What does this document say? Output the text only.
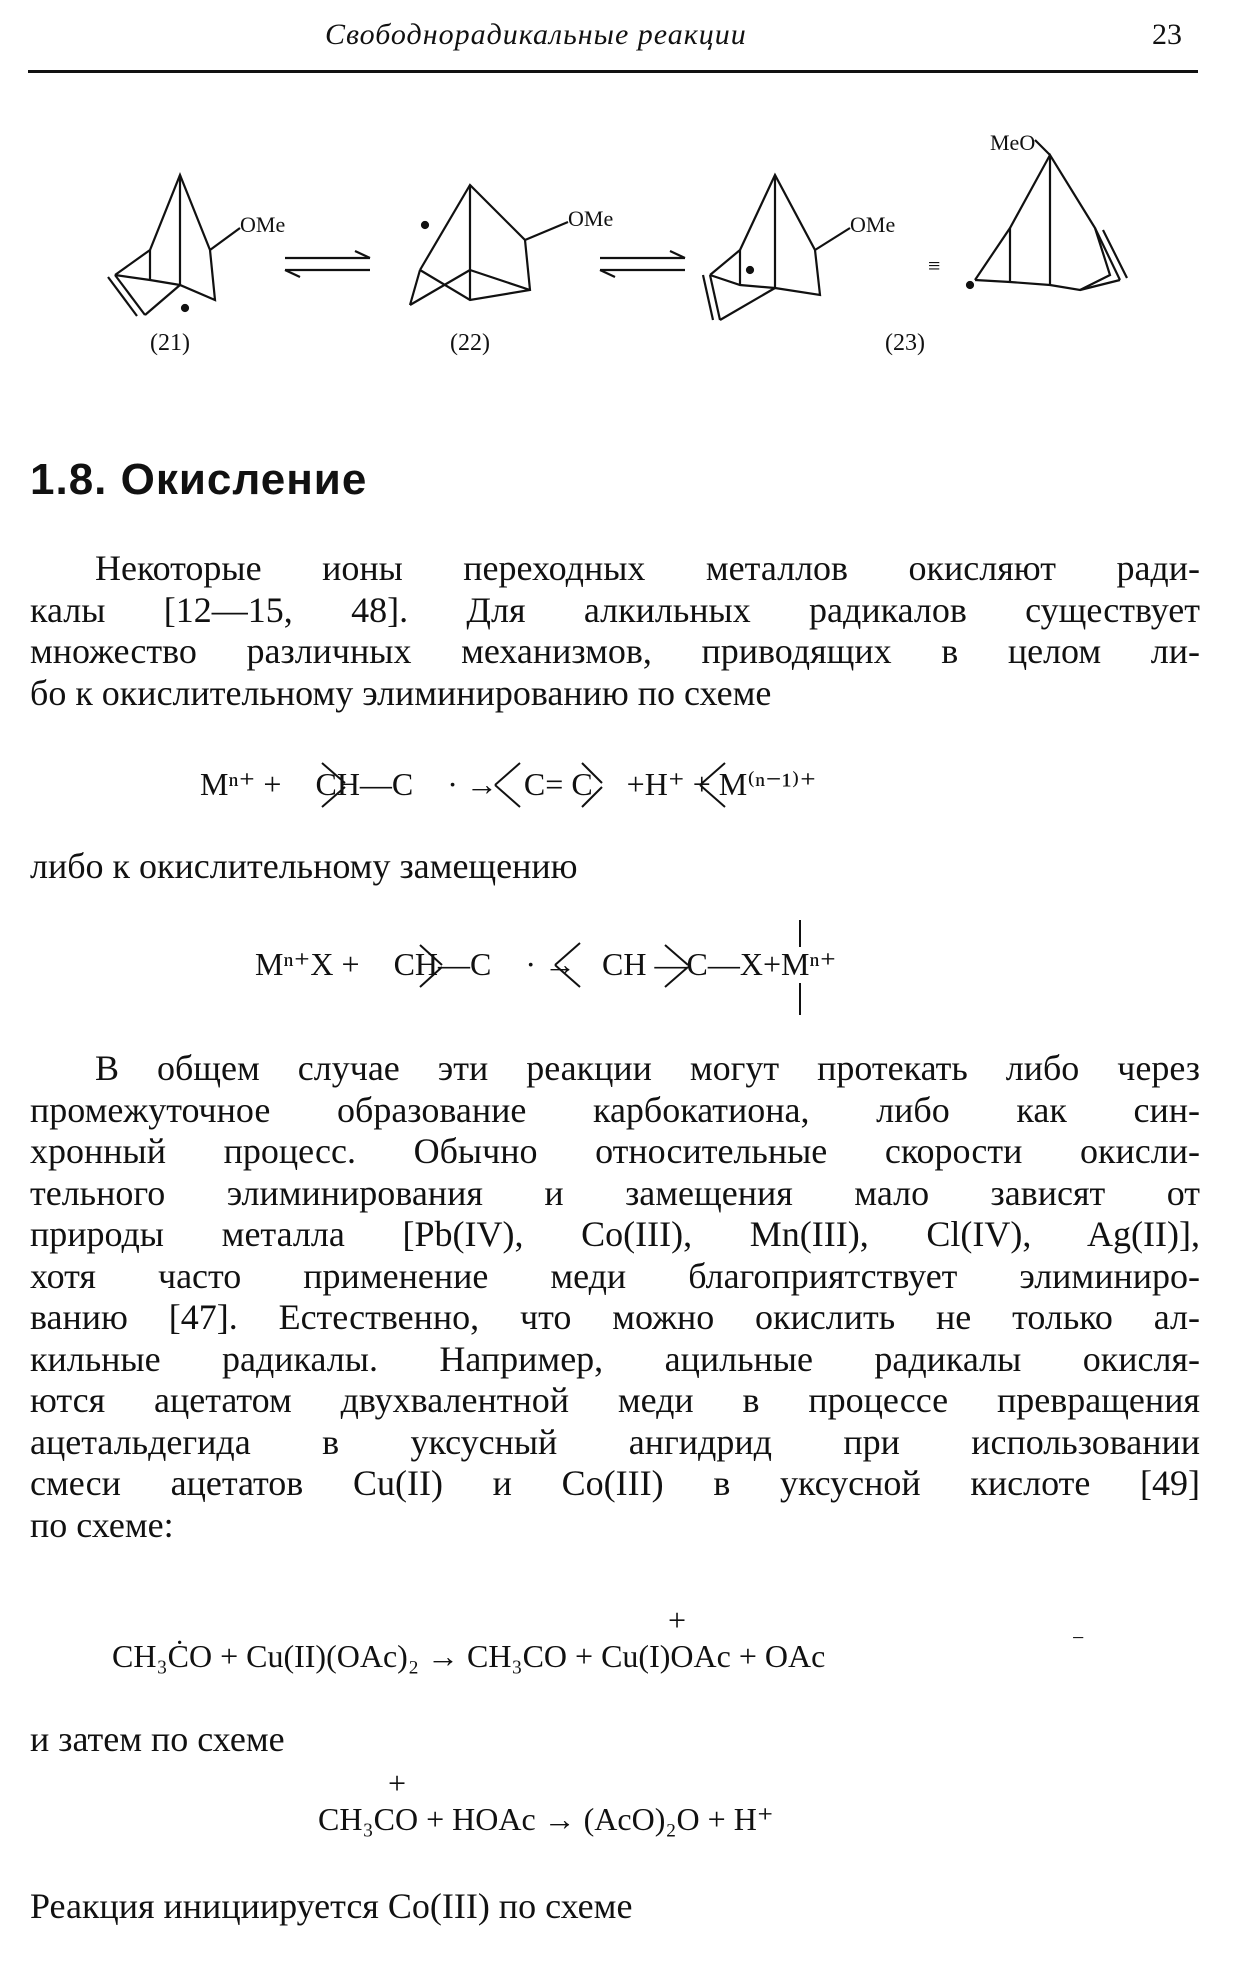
Свободнорадикальные реакции	23
OMe	OMe	OMe
≡
MeO
(21)	(22)	(23)
1.8. Окисление
Некоторые ионы переходных металлов окисляют ради-
калы [12—15, 48]. Для алкильных радикалов существует
множество различных механизмов, приводящих в целом ли-
бо к окислительному элиминированию по схеме
Mⁿ⁺ + CH—C · → C= C +H⁺ + M⁽ⁿ⁻¹⁾⁺
либо к окислительному замещению
Mⁿ⁺X + CH—C · → CH —C—X+Mⁿ⁺
В общем случае эти реакции могут протекать либо через
промежуточное образование карбокатиона, либо как син-
хронный процесс. Обычно относительные скорости окисли-
тельного элиминирования и замещения мало зависят от
природы металла [Pb(IV), Co(III), Mn(III), Cl(IV), Ag(II)],
хотя часто применение меди благоприятствует элиминиро-
ванию [47]. Естественно, что можно окислить не только ал-
кильные радикалы. Например, ацильные радикалы окисля-
ются ацетатом двухвалентной меди в процессе превращения
ацетальдегида в уксусный ангидрид при использовании
смеси ацетатов Cu(II) и Co(III) в уксусной кислоте [49]
по схеме:
CH₃ĊO + Cu(II)(OAc)₂ → CH₃CO + Cu(I)OAc + OAc
+	−
и затем по схеме
CH₃CO + HOAc → (AcO)₂O + H⁺
+
Реакция инициируется Co(III) по схеме
